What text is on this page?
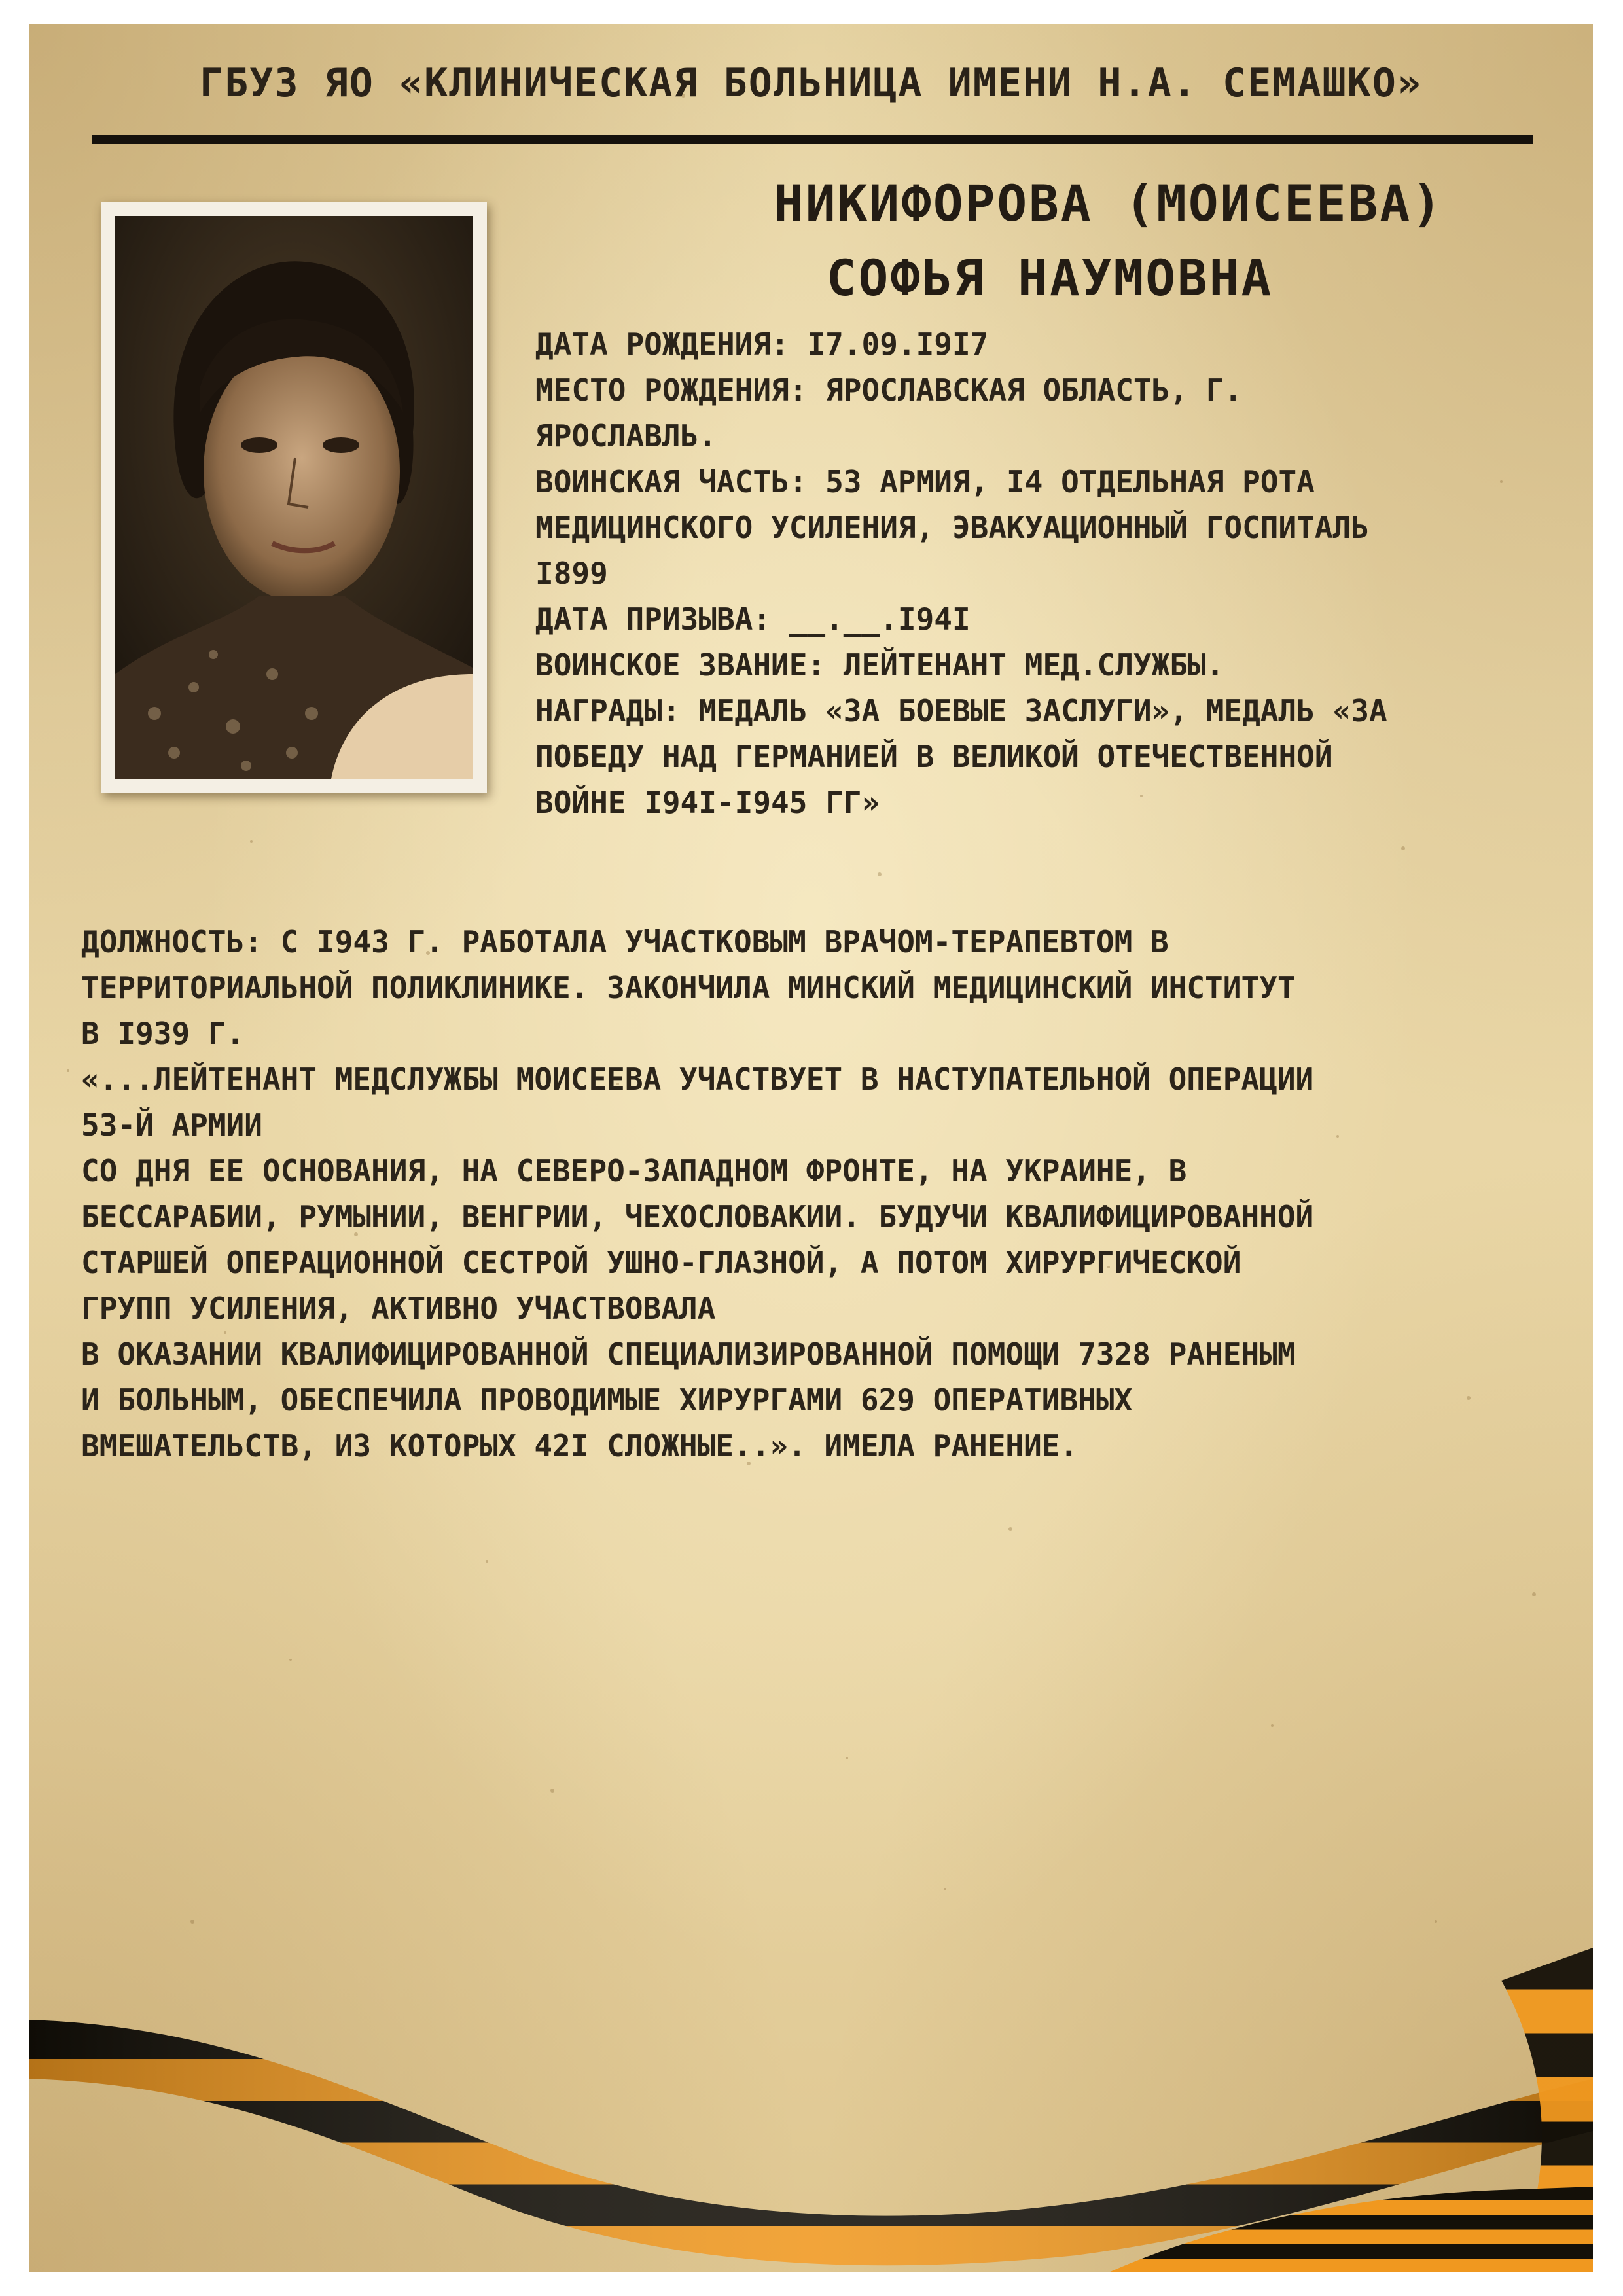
ГБУЗ ЯО «КЛИНИЧЕСКАЯ БОЛЬНИЦА ИМЕНИ Н.А. СЕМАШКО»
НИКИФОРОВА (МОИСЕЕВА)
СОФЬЯ НАУМОВНА
ДАТА РОЖДЕНИЯ: I7.09.I9I7
МЕСТО РОЖДЕНИЯ: ЯРОСЛАВСКАЯ ОБЛАСТЬ, Г.
ЯРОСЛАВЛЬ.
ВОИНСКАЯ ЧАСТЬ: 53 АРМИЯ, I4 ОТДЕЛЬНАЯ РОТА
МЕДИЦИНСКОГО УСИЛЕНИЯ, ЭВАКУАЦИОННЫЙ ГОСПИТАЛЬ
I899
ДАТА ПРИЗЫВА: __.__.I94I
ВОИНСКОЕ ЗВАНИЕ: ЛЕЙТЕНАНТ МЕД.СЛУЖБЫ.
НАГРАДЫ: МЕДАЛЬ «ЗА БОЕВЫЕ ЗАСЛУГИ», МЕДАЛЬ «ЗА
ПОБЕДУ НАД ГЕРМАНИЕЙ В ВЕЛИКОЙ ОТЕЧЕСТВЕННОЙ
ВОЙНЕ I94I-I945 ГГ»
ДОЛЖНОСТЬ: С I943 Г. РАБОТАЛА УЧАСТКОВЫМ ВРАЧОМ-ТЕРАПЕВТОМ В
ТЕРРИТОРИАЛЬНОЙ ПОЛИКЛИНИКЕ. ЗАКОНЧИЛА МИНСКИЙ МЕДИЦИНСКИЙ ИНСТИТУТ
В I939 Г.
«...ЛЕЙТЕНАНТ МЕДСЛУЖБЫ МОИСЕЕВА УЧАСТВУЕТ В НАСТУПАТЕЛЬНОЙ ОПЕРАЦИИ
53-Й АРМИИ
СО ДНЯ ЕЕ ОСНОВАНИЯ, НА СЕВЕРО-ЗАПАДНОМ ФРОНТЕ, НА УКРАИНЕ, В
БЕССАРАБИИ, РУМЫНИИ, ВЕНГРИИ, ЧЕХОСЛОВАКИИ. БУДУЧИ КВАЛИФИЦИРОВАННОЙ
СТАРШЕЙ ОПЕРАЦИОННОЙ СЕСТРОЙ УШНО-ГЛАЗНОЙ, А ПОТОМ ХИРУРГИЧЕСКОЙ
ГРУПП УСИЛЕНИЯ, АКТИВНО УЧАСТВОВАЛА
В ОКАЗАНИИ КВАЛИФИЦИРОВАННОЙ СПЕЦИАЛИЗИРОВАННОЙ ПОМОЩИ 7328 РАНЕНЫМ
И БОЛЬНЫМ, ОБЕСПЕЧИЛА ПРОВОДИМЫЕ ХИРУРГАМИ 629 ОПЕРАТИВНЫХ
ВМЕШАТЕЛЬСТВ, ИЗ КОТОРЫХ 42I СЛОЖНЫЕ..». ИМЕЛА РАНЕНИЕ.
